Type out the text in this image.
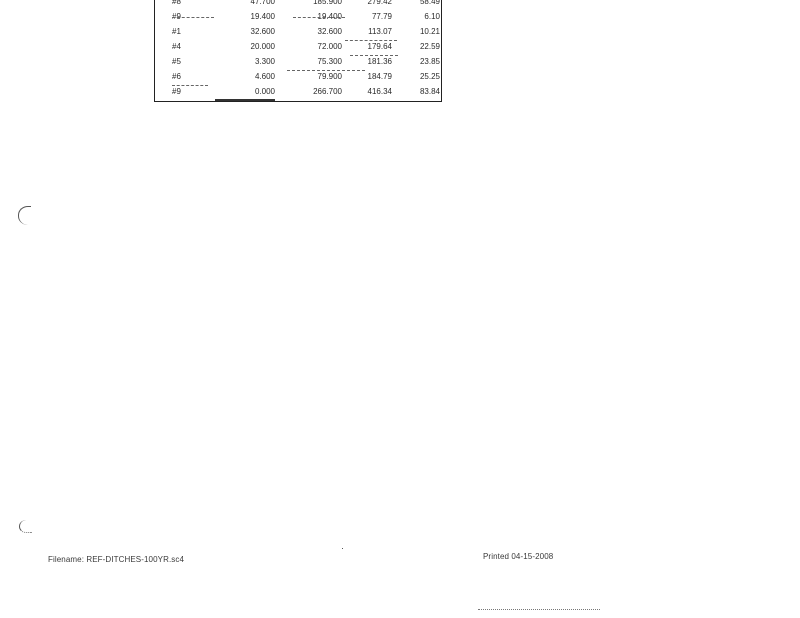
#8	47.700	185.900	279.42	58.49
#9	19.400	19.400	77.79	6.10
#1	32.600	32.600	113.07	10.21
#4	20.000	72.000	179.64	22.59
#5	3.300	75.300	181.36	23.85
#6	4.600	79.900	184.79	25.25
#9	0.000	266.700	416.34	83.84
Filename: REF-DITCHES-100YR.sc4	Printed 04-15-2008
